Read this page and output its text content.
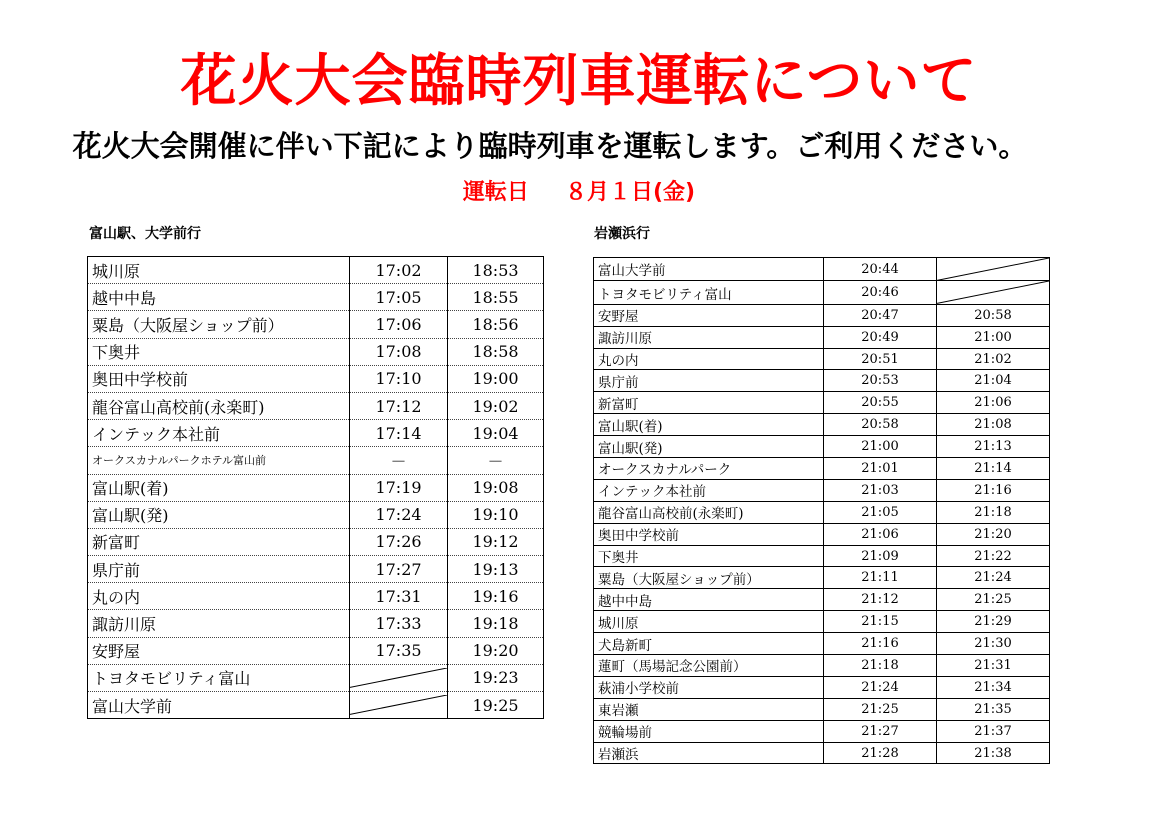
花火大会臨時列車運転について
花火大会開催に伴い下記により臨時列車を運転します。ご利用ください。
運転日 ８月１日(金)
富山駅、大学前行	岩瀬浜行
城川原	17:02	18:53
越中中島	17:05	18:55
粟島（大阪屋ショップ前）	17:06	18:56
下奥井	17:08	18:58
奥田中学校前	17:10	19:00
龍谷富山高校前(永楽町)	17:12	19:02
インテック本社前	17:14	19:04
オークスカナルパークホテル富山前	－	－
富山駅(着)	17:19	19:08
富山駅(発)	17:24	19:10
新富町	17:26	19:12
県庁前	17:27	19:13
丸の内	17:31	19:16
諏訪川原	17:33	19:18
安野屋	17:35	19:20
トヨタモビリティ富山		19:23
富山大学前		19:25
富山大学前	20:44	

トヨタモビリティ富山	20:46	

安野屋	20:47	20:58
諏訪川原	20:49	21:00
丸の内	20:51	21:02
県庁前	20:53	21:04
新富町	20:55	21:06
富山駅(着)	20:58	21:08
富山駅(発)	21:00	21:13
オークスカナルパーク	21:01	21:14
インテック本社前	21:03	21:16
龍谷富山高校前(永楽町)	21:05	21:18
奥田中学校前	21:06	21:20
下奥井	21:09	21:22
粟島（大阪屋ショップ前）	21:11	21:24
越中中島	21:12	21:25
城川原	21:15	21:29
犬島新町	21:16	21:30
蓮町（馬場記念公園前）	21:18	21:31
萩浦小学校前	21:24	21:34
東岩瀬	21:25	21:35
競輪場前	21:27	21:37
岩瀬浜	21:28	21:38
